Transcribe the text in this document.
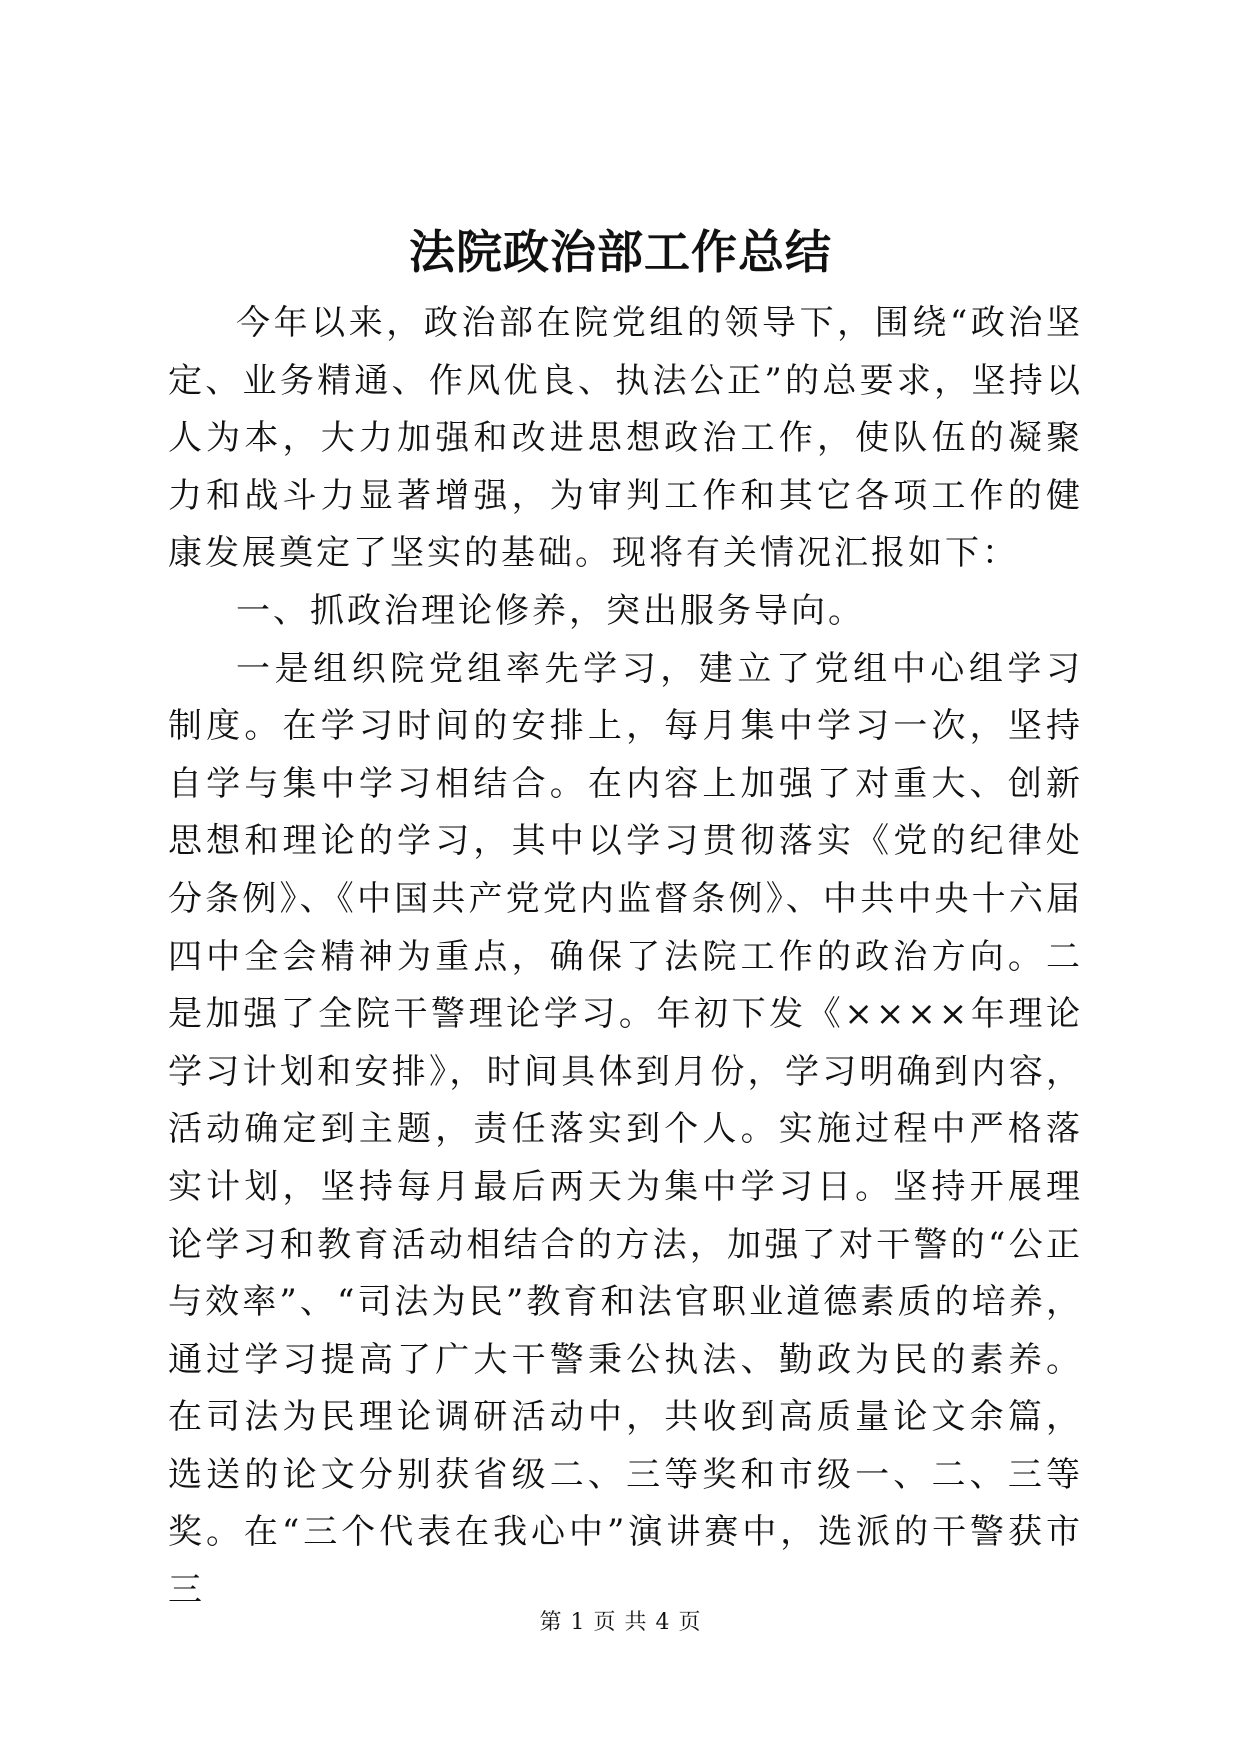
法院政治部工作总结

今年以来，政治部在院党组的领导下，围绕“政治坚定、业务精通、作风优良、执法公正”的总要求，坚持以人为本，大力加强和改进思想政治工作，使队伍的凝聚力和战斗力显著增强，为审判工作和其它各项工作的健康发展奠定了坚实的基础。现将有关情况汇报如下：

一、抓政治理论修养，突出服务导向。

一是组织院党组率先学习，建立了党组中心组学习制度。在学习时间的安排上，每月集中学习一次，坚持自学与集中学习相结合。在内容上加强了对重大、创新思想和理论的学习，其中以学习贯彻落实《党的纪律处分条例》、《中国共产党党内监督条例》、中共中央十六届四中全会精神为重点，确保了法院工作的政治方向。二是加强了全院干警理论学习。年初下发《××××年理论学习计划和安排》，时间具体到月份，学习明确到内容，活动确定到主题，责任落实到个人。实施过程中严格落实计划，坚持每月最后两天为集中学习日。坚持开展理论学习和教育活动相结合的方法，加强了对干警的“公正与效率”、“司法为民”教育和法官职业道德素质的培养，通过学习提高了广大干警秉公执法、勤政为民的素养。在司法为民理论调研活动中，共收到高质量论文余篇，选送的论文分别获省级二、三等奖和市级一、二、三等奖。在“三个代表在我心中”演讲赛中，选派的干警获市三

第 1 页 共 4 页
